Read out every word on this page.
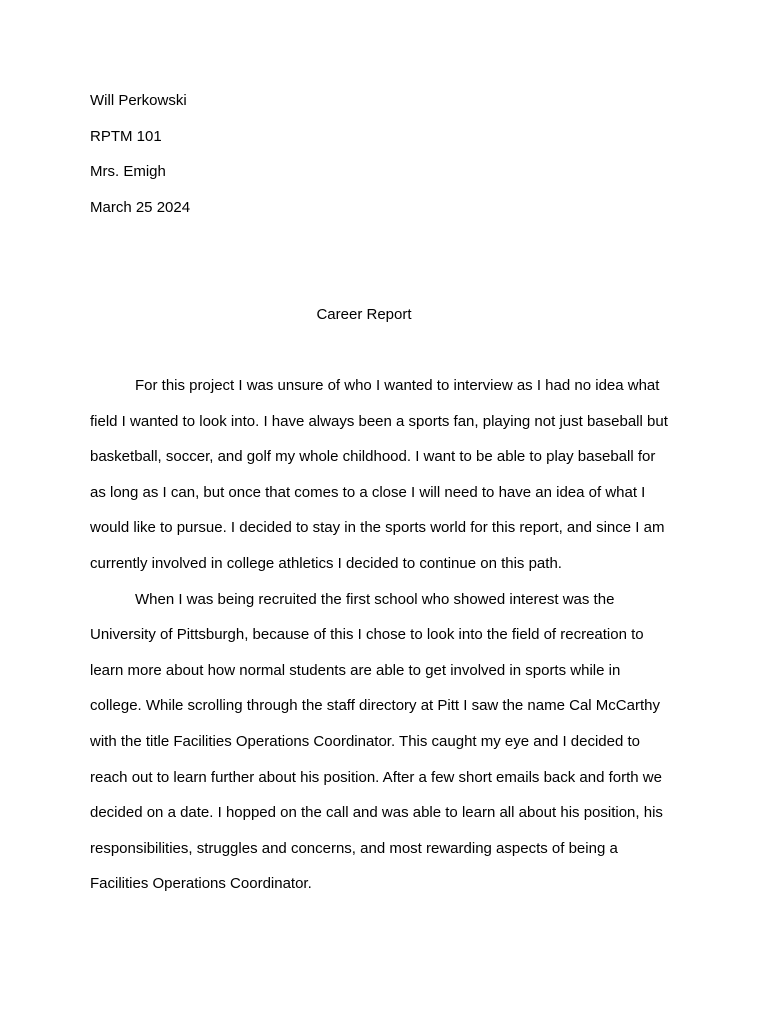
Will Perkowski
RPTM 101
Mrs. Emigh
March 25 2024
Career Report
For this project I was unsure of who I wanted to interview as I had no idea what
field I wanted to look into. I have always been a sports fan, playing not just baseball but
basketball, soccer, and golf my whole childhood. I want to be able to play baseball for
as long as I can, but once that comes to a close I will need to have an idea of what I
would like to pursue. I decided to stay in the sports world for this report, and since I am
currently involved in college athletics I decided to continue on this path.
When I was being recruited the first school who showed interest was the
University of Pittsburgh, because of this I chose to look into the field of recreation to
learn more about how normal students are able to get involved in sports while in
college. While scrolling through the staff directory at Pitt I saw the name Cal McCarthy
with the title Facilities Operations Coordinator. This caught my eye and I decided to
reach out to learn further about his position. After a few short emails back and forth we
decided on a date. I hopped on the call and was able to learn all about his position, his
responsibilities, struggles and concerns, and most rewarding aspects of being a
Facilities Operations Coordinator.
